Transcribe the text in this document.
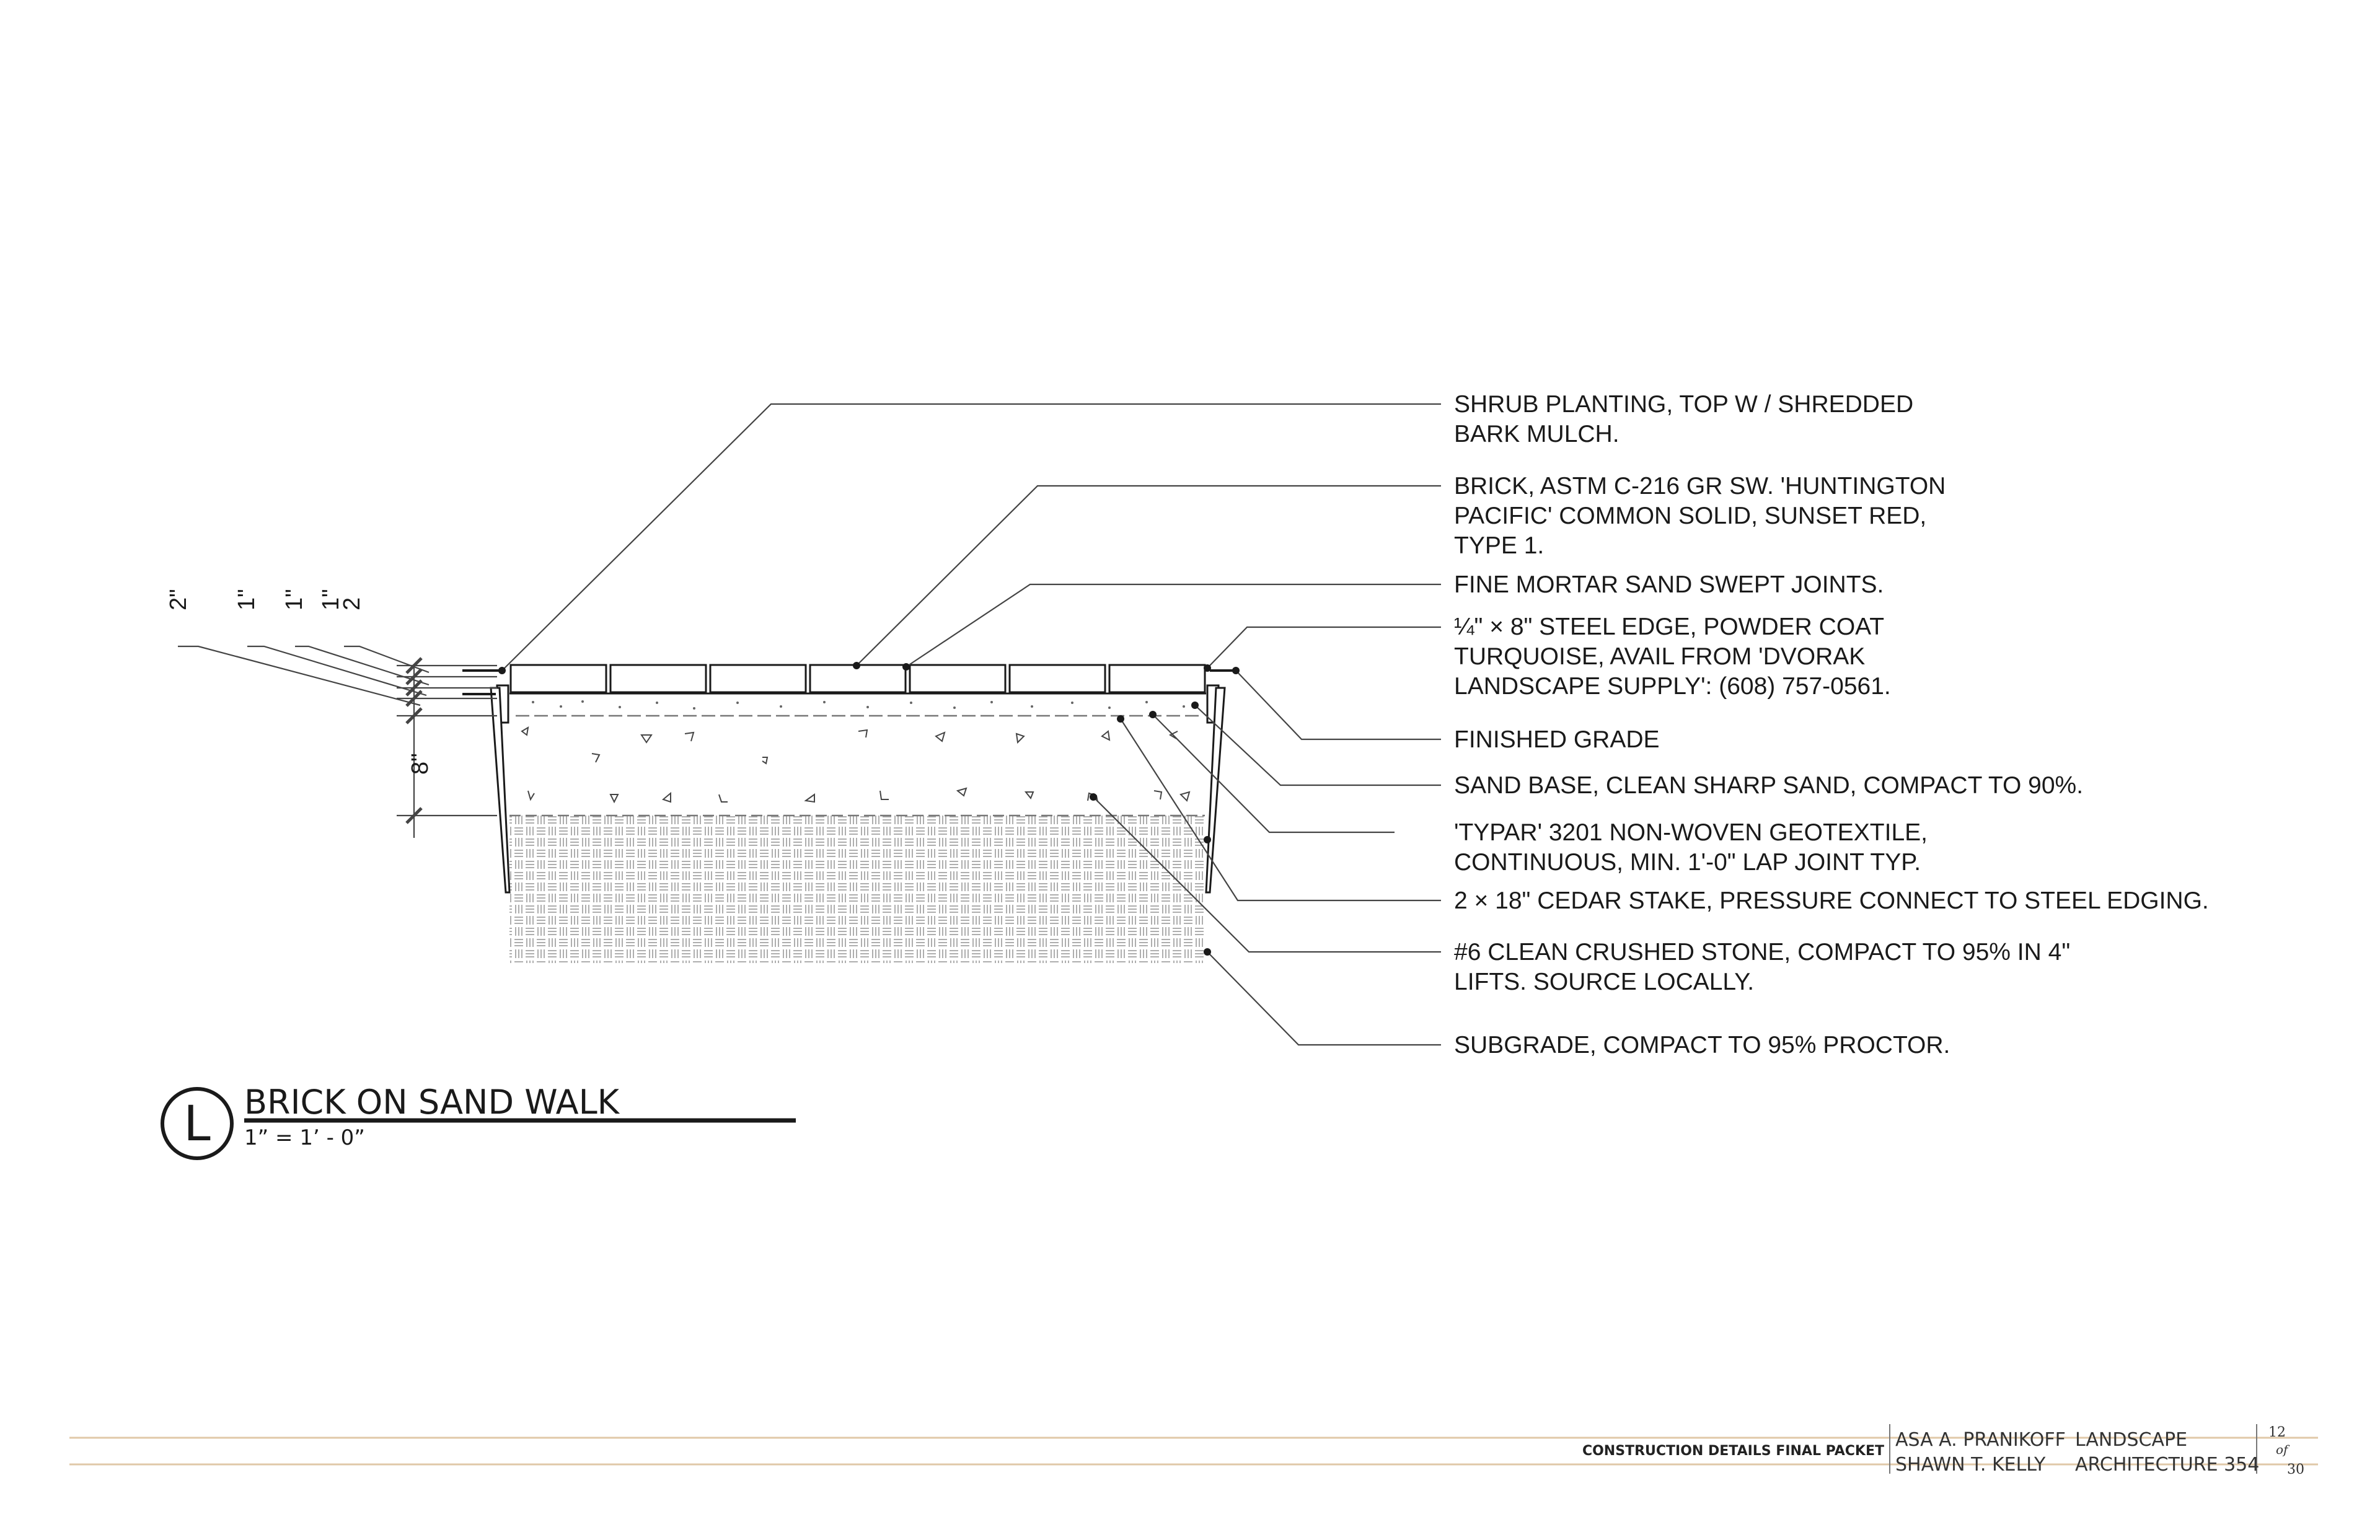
2" 1" 1" 1"
2
8"
SHRUB PLANTING, TOP W / SHREDDED
BARK MULCH.
BRICK, ASTM C-216 GR SW. 'HUNTINGTON
PACIFIC' COMMON SOLID, SUNSET RED,
TYPE 1.
FINE MORTAR SAND SWEPT JOINTS.
¼" × 8" STEEL EDGE, POWDER COAT
TURQUOISE, AVAIL FROM 'DVORAK
LANDSCAPE SUPPLY': (608) 757-0561.
FINISHED GRADE
SAND BASE, CLEAN SHARP SAND, COMPACT TO 90%.
'TYPAR' 3201 NON-WOVEN GEOTEXTILE,
CONTINUOUS, MIN. 1'-0" LAP JOINT TYP.
2 × 18" CEDAR STAKE, PRESSURE CONNECT TO STEEL EDGING.
#6 CLEAN CRUSHED STONE, COMPACT TO 95% IN 4"
LIFTS. SOURCE LOCALLY.
SUBGRADE, COMPACT TO 95% PROCTOR.
L BRICK ON SAND WALK
1” = 1’ - 0”
CONSTRUCTION DETAILS FINAL PACKET
ASA A. PRANIKOFF
SHAWN T. KELLY
LANDSCAPE
ARCHITECTURE 354
12
of
30
